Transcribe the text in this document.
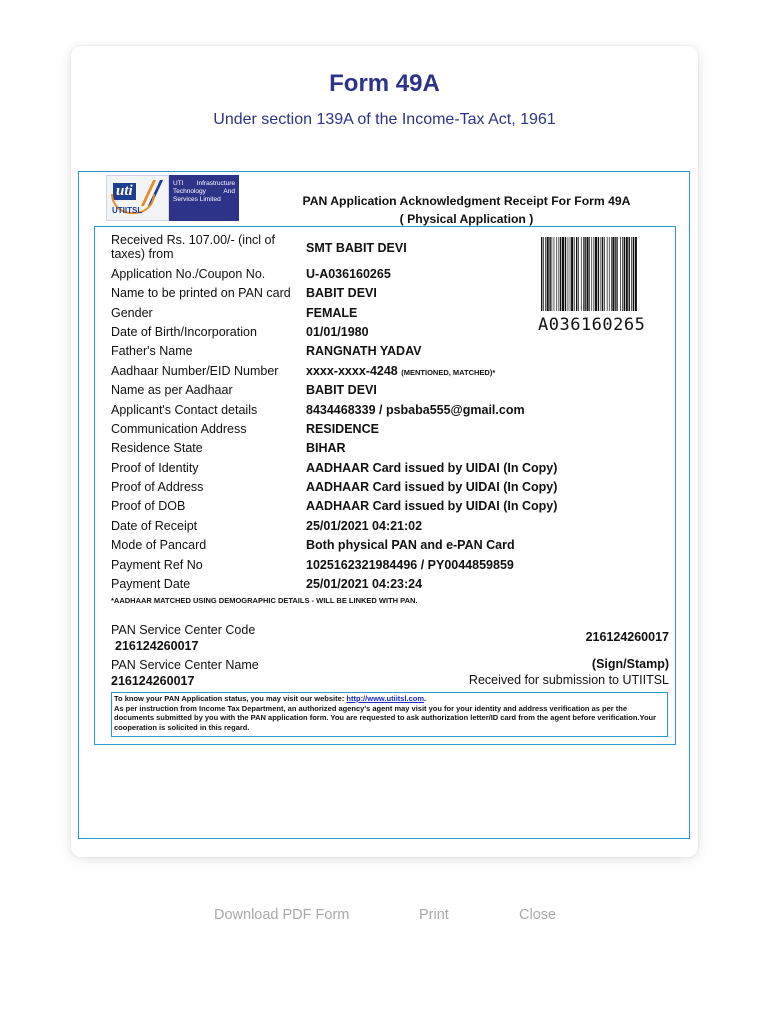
Form 49A
Under section 139A of the Income-Tax Act, 1961
uti
UTIITSL
UTI Infrastructure Technology And Services Limited	PAN Application Acknowledgment Receipt For Form 49A
( Physical Application )
Received Rs. 107.00/- (incl of taxes) from	SMT BABIT DEVI
Application No./Coupon No.	U-A036160265
Name to be printed on PAN card	BABIT DEVI
Gender	FEMALE
Date of Birth/Incorporation	01/01/1980
Father's Name	RANGNATH YADAV
Aadhaar Number/EID Number	xxxx-xxxx-4248 (MENTIONED, MATCHED)*
Name as per Aadhaar	BABIT DEVI
Applicant's Contact details	8434468339 / psbaba555@gmail.com
Communication Address	RESIDENCE
Residence State	BIHAR
Proof of Identity	AADHAAR Card issued by UIDAI (In Copy)
Proof of Address	AADHAAR Card issued by UIDAI (In Copy)
Proof of DOB	AADHAAR Card issued by UIDAI (In Copy)
Date of Receipt	25/01/2021 04:21:02
Mode of Pancard	Both physical PAN and e-PAN Card
Payment Ref No	1025162321984496 / PY0044859859
Payment Date	25/01/2021 04:23:24
A036160265
*AADHAAR MATCHED USING DEMOGRAPHIC DETAILS - WILL BE LINKED WITH PAN.
PAN Service Center Code
216124260017
216124260017
PAN Service Center Name
216124260017
(Sign/Stamp)
Received for submission to UTIITSL
To know your PAN Application status, you may visit our website: http://www.utiitsl.com.
As per instruction from Income Tax Department, an authorized agency's agent may visit you for your identity and address verification as per the documents submitted by you with the PAN application form. You are requested to ask authorization letter/ID card from the agent before verification.Your cooperation is solicited in this regard.
Download PDF Form	Print	Close
